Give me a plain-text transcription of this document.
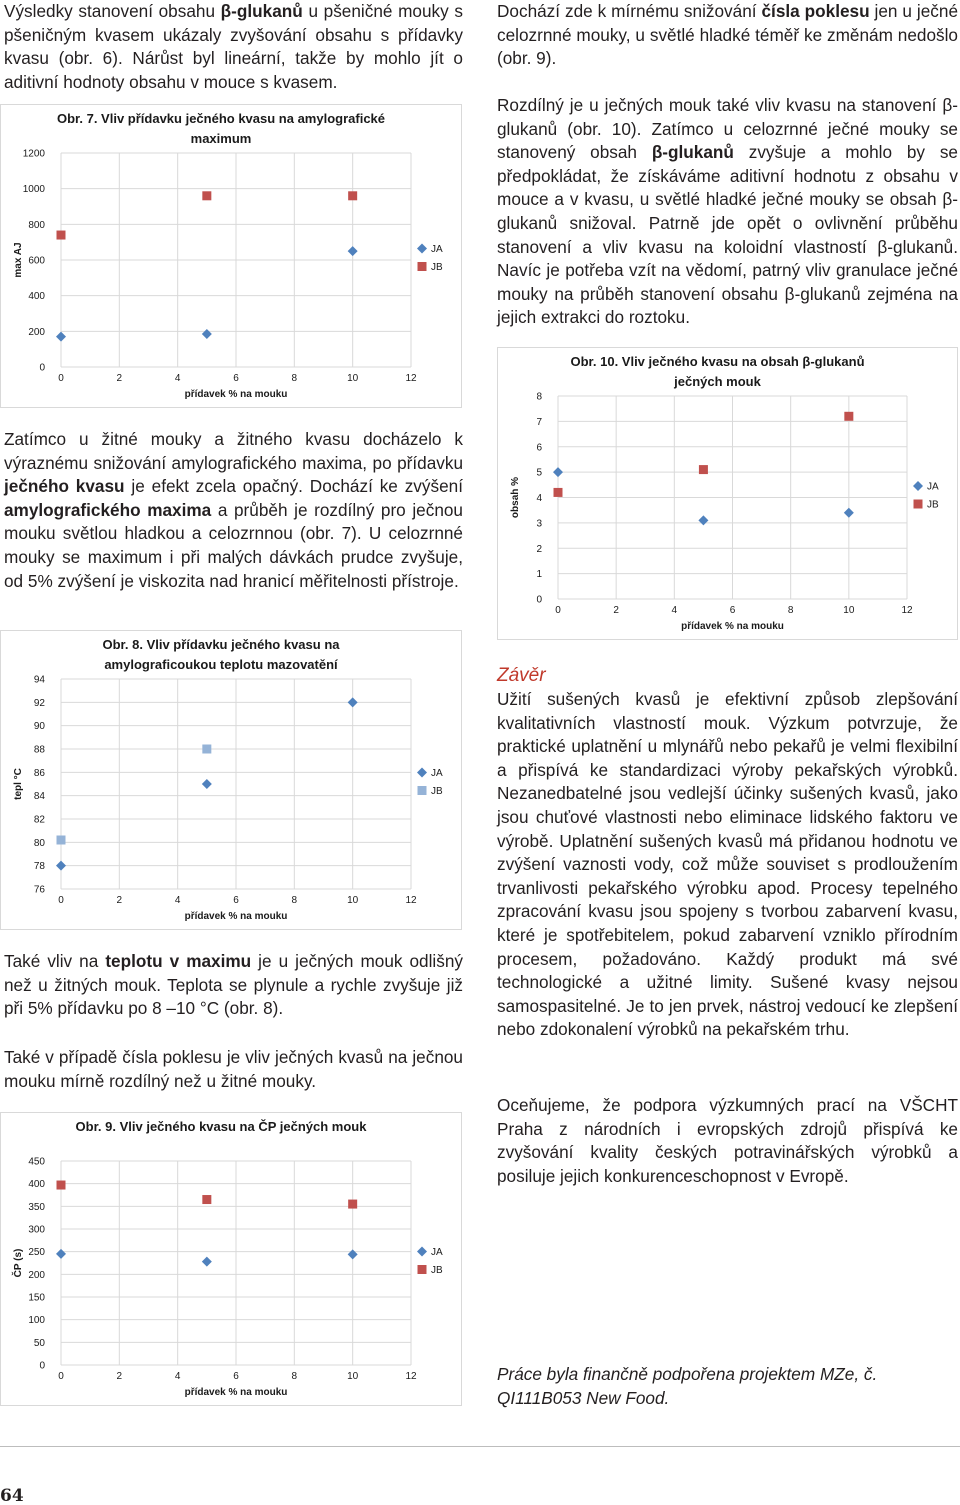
Výsledky stanovení obsahu β-glukanů u pšeničné mouky s pšeničným kvasem ukázaly zvyšování obsahu s přídavky kvasu (obr. 6). Nárůst byl lineární, takže by mohlo jít o aditivní hodnoty obsahu v mouce s kvasem.
Obr. 7. Vliv přídavku ječného kvasu na amylografické
maximum
0
200
400
600
800
1000
1200
0	2	4	6	8	10	12
přídavek % na mouku
max AJ	JA
JB
Zatímco u žitné mouky a žitného kvasu docházelo k výraznému snižování amylografického maxima, po přídavku ječného kvasu je efekt zcela opačný. Dochází ke zvýšení amylografického maxima a průběh je rozdílný pro ječnou mouku světlou hladkou a celozrnnou (obr. 7). U celozrnné mouky se maximum i při malých dávkách prudce zvyšuje, od 5% zvýšení je viskozita nad hranicí měřitelnosti přístroje.
Obr. 8. Vliv přídavku ječného kvasu na
amylograficoukou teplotu mazovatění
76
78
80
82
84
86
88
90
92
94
0	2	4	6	8	10	12
přídavek % na mouku
tepl °C	JA
JB
Také vliv na teplotu v maximu je u ječných mouk odlišný než u žitných mouk. Teplota se plynule a rychle zvyšuje již při 5% přídavku po 8 –10 °C (obr. 8).
Také v případě čísla poklesu je vliv ječných kvasů na ječnou mouku mírně rozdílný než u žitné mouky.
Obr. 9. Vliv ječného kvasu na ČP ječných mouk
0
50
100
150
200
250
300
350
400
450
0	2	4	6	8	10	12
přídavek % na mouku
ČP (s)	JA
JB
Dochází zde k mírnému snižování čísla poklesu jen u ječné celozrnné mouky, u světlé hladké téměř ke změnám nedošlo (obr. 9).
Rozdílný je u ječných mouk také vliv kvasu na stanovení β-glukanů (obr. 10). Zatímco u celozrnné ječné mouky se stanovený obsah β-glukanů zvyšuje a mohlo by se předpokládat, že získáváme aditivní hodnotu z obsahu v mouce a v kvasu, u světlé hladké ječné mouky se obsah β-glukanů snižoval. Patrně jde opět o ovlivnění průběhu stanovení a vliv kvasu na koloidní vlastností β-glukanů. Navíc je potřeba vzít na vědomí, patrný vliv granulace ječné mouky na průběh stanovení obsahu β-glukanů zejména na jejich extrakci do roztoku.
Obr. 10. Vliv ječného kvasu na obsah β-glukanů
ječných mouk
0
1
2
3
4
5
6
7
8
0	2	4	6	8	10	12
přídavek % na mouku
obsah %	JA
JB
Závěr
Užití sušených kvasů je efektivní způsob zlepšování kvalitativních vlastností mouk. Výzkum potvrzuje, že praktické uplatnění u mlynářů nebo pekařů je velmi flexibilní a přispívá ke standardizaci výroby pekařských výrobků. Nezanedbatelné jsou vedlejší účinky sušených kvasů, jako jsou chuťové vlastnosti nebo eliminace lidského faktoru ve výrobě. Uplatnění sušených kvasů má přidanou hodnotu ve zvýšení vaznosti vody, což může souviset s prodloužením trvanlivosti pekařského výrobku apod. Procesy tepelného zpracování kvasu jsou spojeny s tvorbou zabarvení kvasu, které je spotřebitelem, pokud zabarvení vzniklo přírodním procesem, požadováno. Každý produkt má své technologické a užitné limity. Sušené kvasy nejsou samospasitelné. Je to jen prvek, nástroj vedoucí ke zlepšení nebo zdokonalení výrobků na pekařském trhu.
Oceňujeme, že podpora výzkumných prací na VŠCHT Praha z národních i evropských zdrojů přispívá ke zvyšování kvality českých potravinářských výrobků a posiluje jejich konkurenceschopnost v Evropě.
Práce byla finančně podpořena projektem MZe, č. QI111B053 New Food.
64
